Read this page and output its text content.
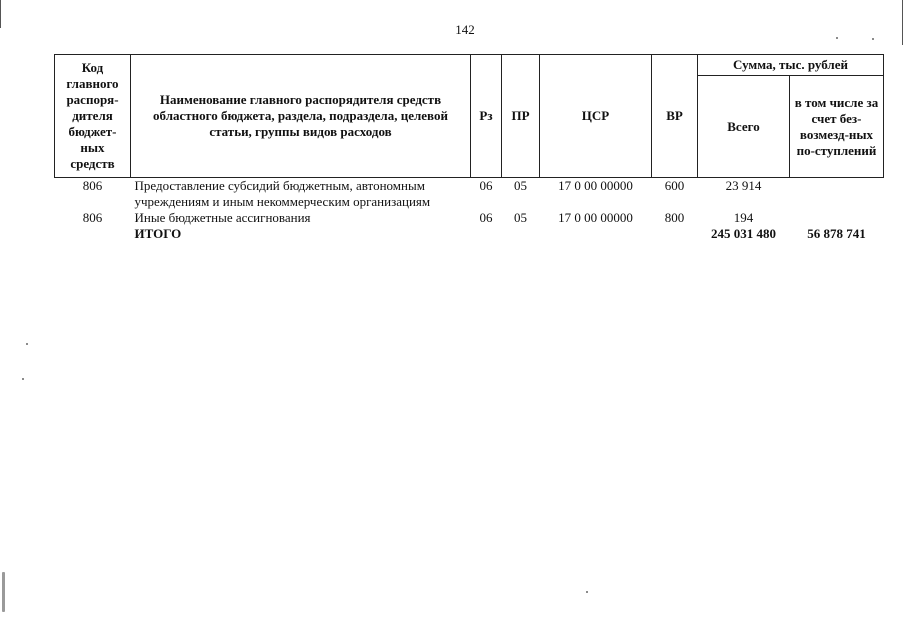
142
Код главного распоря-дителя бюджет-ных средств	Наименование главного распорядителя средств областного бюджета, раздела, подраздела, целевой статьи, группы видов расходов	Рз	ПР	ЦСР	ВР	Сумма, тыс. рублей	
						Всего	в том числе за счет без-возмезд-ных по-ступлений
806	Предоставление субсидий бюджетным, автономным учреждениям и иным некоммерческим организациям	06	05	17 0 00 00000	600	23 914	
806	Иные бюджетные ассигнования	06	05	17 0 00 00000	800	194	
	ИТОГО					245 031 480	56 878 741
